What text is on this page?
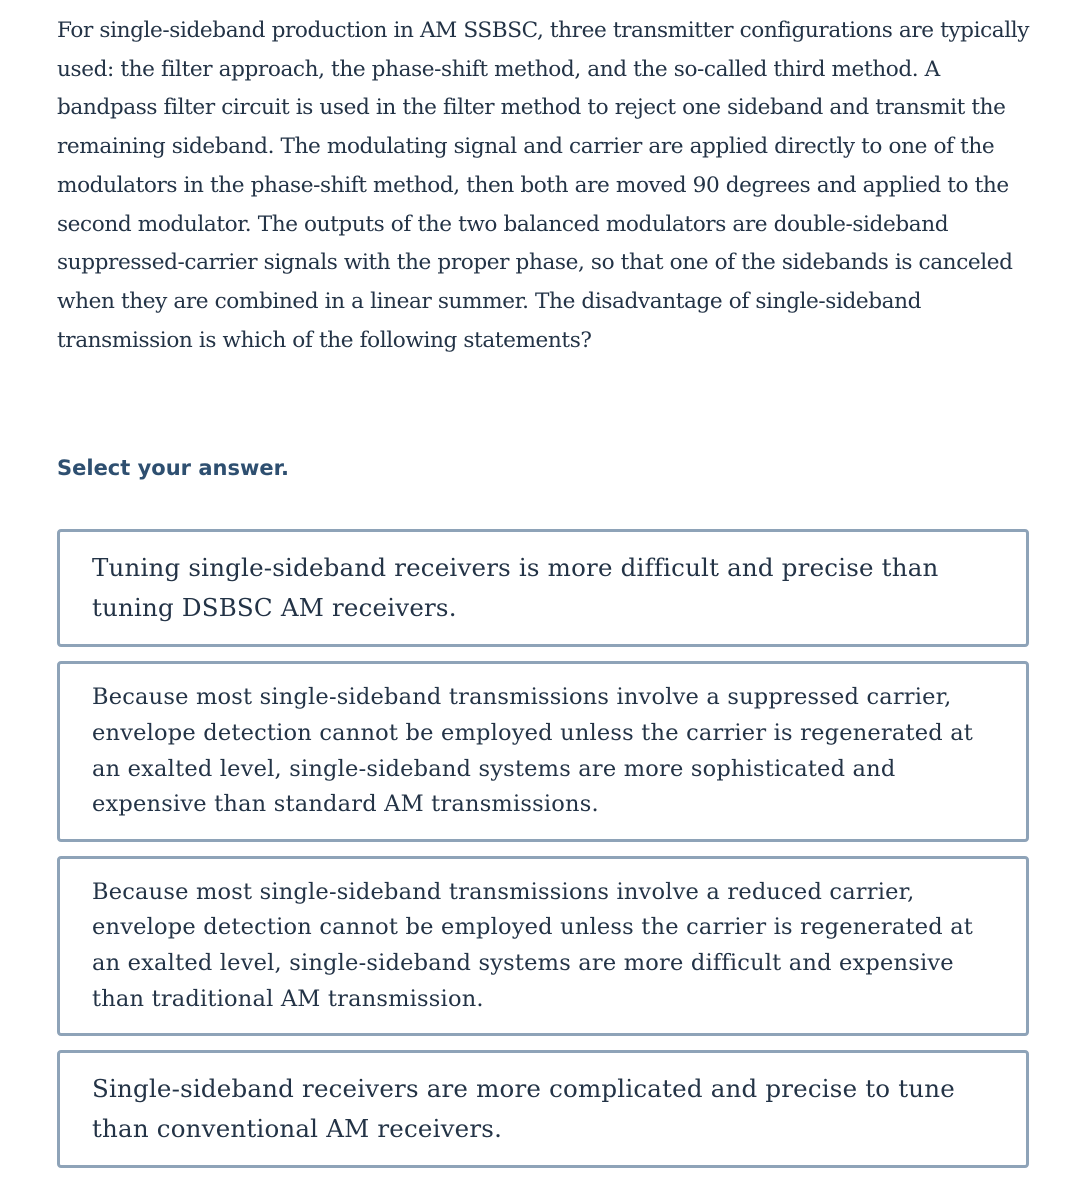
For single-sideband production in AM SSBSC, three transmitter configurations are typically used: the filter approach, the phase-shift method, and the so-called third method. A bandpass filter circuit is used in the filter method to reject one sideband and transmit the remaining sideband. The modulating signal and carrier are applied directly to one of the modulators in the phase-shift method, then both are moved 90 degrees and applied to the second modulator. The outputs of the two balanced modulators are double-sideband suppressed-carrier signals with the proper phase, so that one of the sidebands is canceled when they are combined in a linear summer. The disadvantage of single-sideband transmission is which of the following statements?

Select your answer.
Tuning single-sideband receivers is more difficult and precise than tuning DSBSC AM receivers.
Because most single-sideband transmissions involve a suppressed carrier, envelope detection cannot be employed unless the carrier is regenerated at an exalted level, single-sideband systems are more sophisticated and expensive than standard AM transmissions.
Because most single-sideband transmissions involve a reduced carrier, envelope detection cannot be employed unless the carrier is regenerated at an exalted level, single-sideband systems are more difficult and expensive than traditional AM transmission.
Single-sideband receivers are more complicated and precise to tune than conventional AM receivers.
